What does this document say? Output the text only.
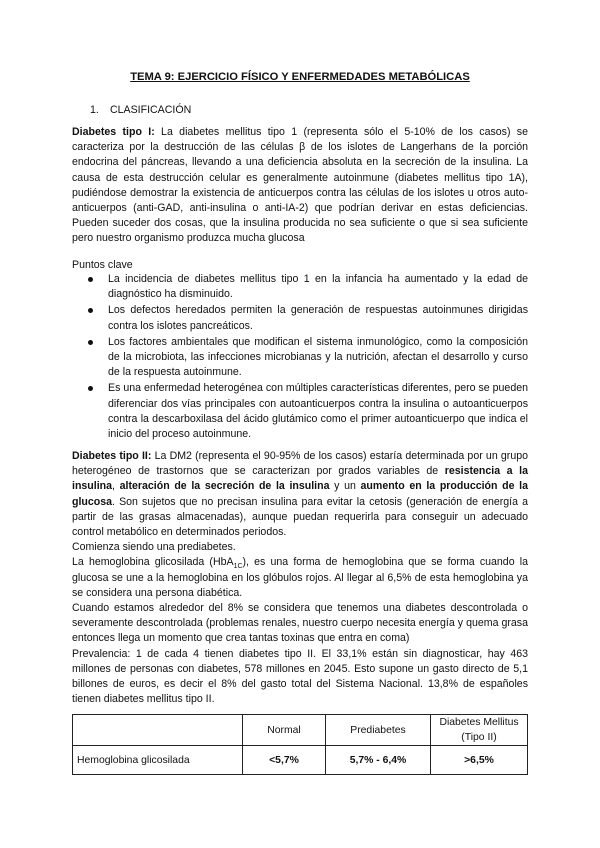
TEMA 9: EJERCICIO FÍSICO Y ENFERMEDADES METABÓLICAS
1. CLASIFICACIÓN
Diabetes tipo I: La diabetes mellitus tipo 1 (representa sólo el 5-10% de los casos) se caracteriza por la destrucción de las células β de los islotes de Langerhans de la porción endocrina del páncreas, llevando a una deficiencia absoluta en la secreción de la insulina. La causa de esta destrucción celular es generalmente autoinmune (diabetes mellitus tipo 1A), pudiéndose demostrar la existencia de anticuerpos contra las células de los islotes u otros auto-anticuerpos (anti-GAD, anti-insulina o anti-IA-2) que podrían derivar en estas deficiencias. Pueden suceder dos cosas, que la insulina producida no sea suficiente o que si sea suficiente pero nuestro organismo produzca mucha glucosa
Puntos clave
La incidencia de diabetes mellitus tipo 1 en la infancia ha aumentado y la edad de diagnóstico ha disminuido.
Los defectos heredados permiten la generación de respuestas autoinmunes dirigidas contra los islotes pancreáticos.
Los factores ambientales que modifican el sistema inmunológico, como la composición de la microbiota, las infecciones microbianas y la nutrición, afectan el desarrollo y curso de la respuesta autoinmune.
Es una enfermedad heterogénea con múltiples características diferentes, pero se pueden diferenciar dos vías principales con autoanticuerpos contra la insulina o autoanticuerpos contra la descarboxilasa del ácido glutámico como el primer autoanticuerpo que indica el inicio del proceso autoinmune.

Diabetes tipo II: La DM2 (representa el 90-95% de los casos) estaría determinada por un grupo heterogéneo de trastornos que se caracterizan por grados variables de resistencia a la insulina, alteración de la secreción de la insulina y un aumento en la producción de la glucosa. Son sujetos que no precisan insulina para evitar la cetosis (generación de energía a partir de las grasas almacenadas), aunque puedan requerirla para conseguir un adecuado control metabólico en determinados periodos.

Comienza siendo una prediabetes.

La hemoglobina glicosilada (HbA$_{1C}$), es una forma de hemoglobina que se forma cuando la glucosa se une a la hemoglobina en los glóbulos rojos. Al llegar al 6,5% de esta hemoglobina ya se considera una persona diabética.

Cuando estamos alrededor del 8% se considera que tenemos una diabetes descontrolada o severamente descontrolada (problemas renales, nuestro cuerpo necesita energía y quema grasa entonces llega un momento que crea tantas toxinas que entra en coma)

Prevalencia: 1 de cada 4 tienen diabetes tipo II. El 33,1% están sin diagnosticar, hay 463 millones de personas con diabetes, 578 millones en 2045. Esto supone un gasto directo de 5,1 billones de euros, es decir el 8% del gasto total del Sistema Nacional. 13,8% de españoles tienen diabetes mellitus tipo II.

	Normal	Prediabetes	Diabetes Mellitus (Tipo II)
Hemoglobina glicosilada	<5,7%	5,7% - 6,4%	>6,5%
